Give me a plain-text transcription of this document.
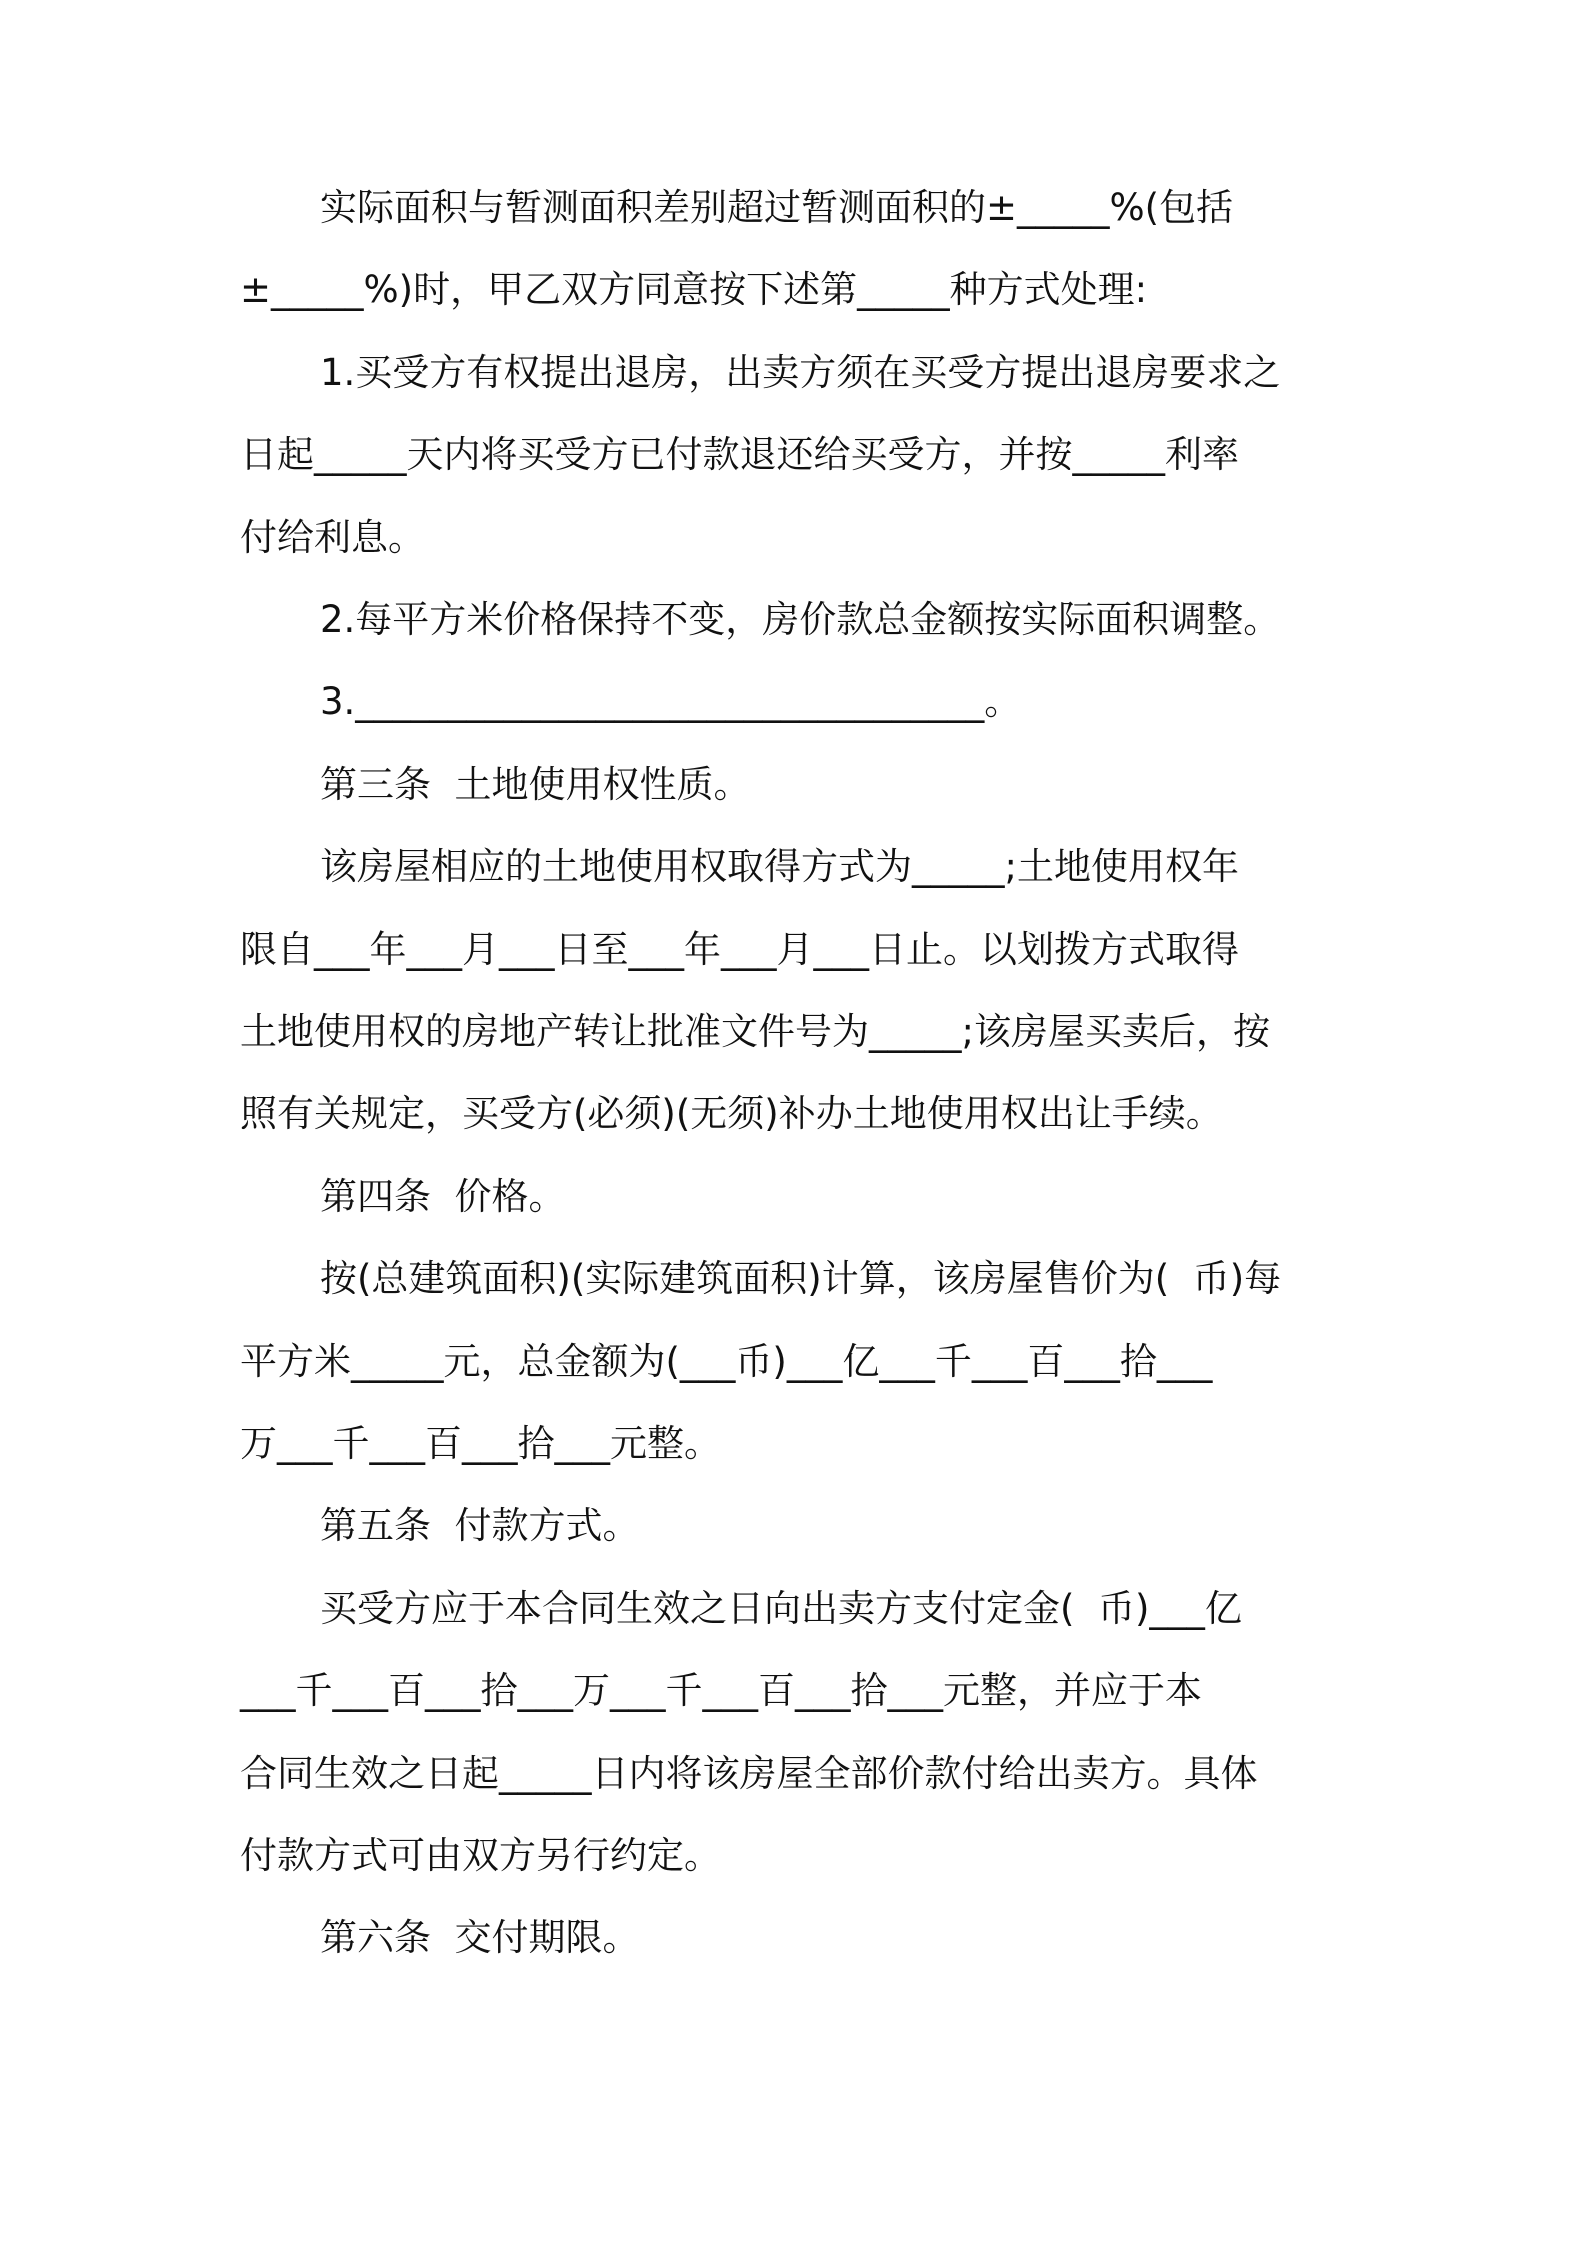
实际面积与暂测面积差别超过暂测面积的±_____%(包括
±_____%)时，甲乙双方同意按下述第_____种方式处理:
1.买受方有权提出退房，出卖方须在买受方提出退房要求之
日起_____天内将买受方已付款退还给买受方，并按_____利率
付给利息。
2.每平方米价格保持不变，房价款总金额按实际面积调整。
3.__________________________________。
第三条  土地使用权性质。
该房屋相应的土地使用权取得方式为_____;土地使用权年
限自___年___月___日至___年___月___日止。以划拨方式取得
土地使用权的房地产转让批准文件号为_____;该房屋买卖后，按
照有关规定，买受方(必须)(无须)补办土地使用权出让手续。
第四条  价格。
按(总建筑面积)(实际建筑面积)计算，该房屋售价为(  币)每
平方米_____元，总金额为(___币)___亿___千___百___拾___
万___千___百___拾___元整。
第五条  付款方式。
买受方应于本合同生效之日向出卖方支付定金(  币)___亿
___千___百___拾___万___千___百___拾___元整，并应于本
合同生效之日起_____日内将该房屋全部价款付给出卖方。具体
付款方式可由双方另行约定。
第六条  交付期限。
